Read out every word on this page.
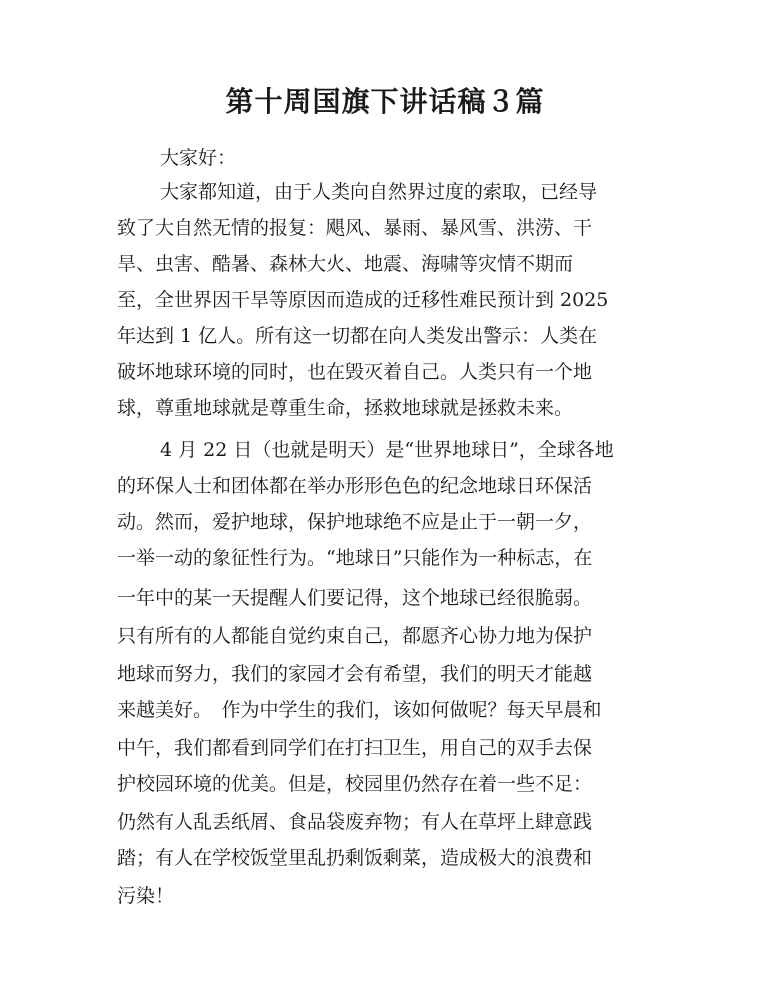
第十周国旗下讲话稿３篇
大家好：
大家都知道，由于人类向自然界过度的索取，已经导
致了大自然无情的报复：飓风、暴雨、暴风雪、洪涝、干
旱、虫害、酷暑、森林大火、地震、海啸等灾情不期而
至，全世界因干旱等原因而造成的迁移性难民预计到 2025
年达到 1 亿人。所有这一切都在向人类发出警示：人类在
破坏地球环境的同时，也在毁灭着自己。人类只有一个地
球，尊重地球就是尊重生命，拯救地球就是拯救未来。
4 月 22 日（也就是明天）是“世界地球日”，全球各地
的环保人士和团体都在举办形形色色的纪念地球日环保活
动。然而，爱护地球，保护地球绝不应是止于一朝一夕，
一举一动的象征性行为。“地球日”只能作为一种标志，在
一年中的某一天提醒人们要记得，这个地球已经很脆弱。
只有所有的人都能自觉约束自己，都愿齐心协力地为保护
地球而努力，我们的家园才会有希望，我们的明天才能越
来越美好。　作为中学生的我们，该如何做呢？每天早晨和
中午，我们都看到同学们在打扫卫生，用自己的双手去保
护校园环境的优美。但是，校园里仍然存在着一些不足：
仍然有人乱丢纸屑、食品袋废弃物；有人在草坪上肆意践
踏；有人在学校饭堂里乱扔剩饭剩菜，造成极大的浪费和
污染！
